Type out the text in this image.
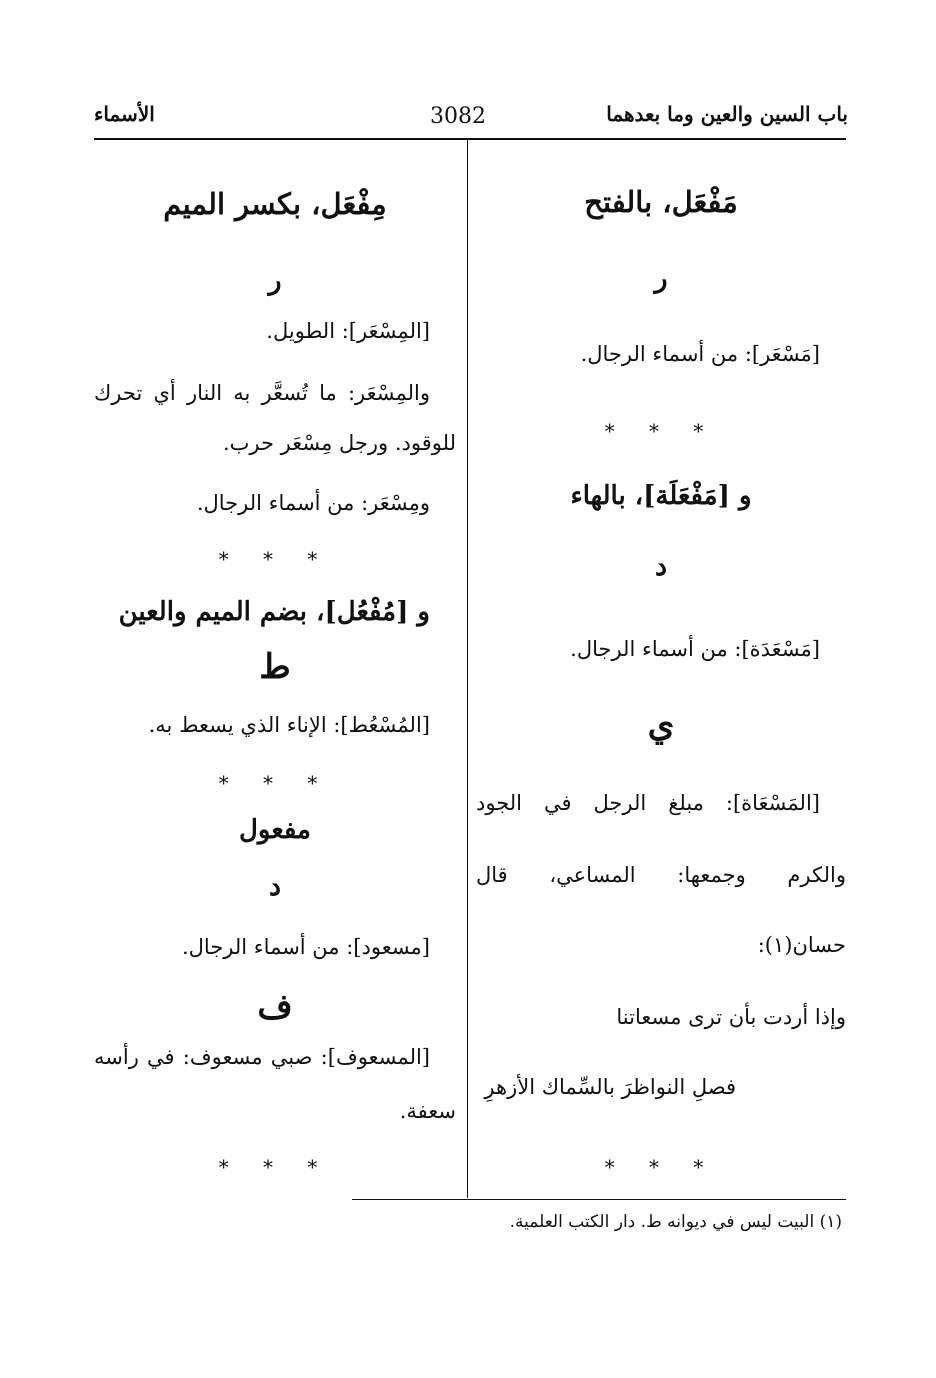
باب السين والعين وما بعدهما
3082
الأسماء
مَفْعَل، بالفتح
ر
[مَسْعَر]: من أسماء الرجال.
* * *
و [مَفْعَلَة]، بالهاء
د
[مَسْعَدَة]: من أسماء الرجال.
ي
[المَسْعَاة]: مبلغ الرجل في الجود
والكرم وجمعها: المساعي، قال
حسان(١):
وإذا أردت بأن ترى مسعاتنا
فصلِ النواظرَ بالسِّماك الأزهرِ
* * *
مِفْعَل، بكسر الميم
ر
[المِسْعَر]: الطويل.
والمِسْعَر: ما تُسعَّر به النار أي تحرك
للوقود. ورجل مِسْعَر حرب.
ومِسْعَر: من أسماء الرجال.
* * *
و [مُفْعُل]، بضم الميم والعين
ط
[المُسْعُط]: الإناء الذي يسعط به.
* * *
مفعول
د
[مسعود]: من أسماء الرجال.
ف
[المسعوف]: صبي مسعوف: في رأسه
سعفة.
* * *
(١) البيت ليس في ديوانه ط. دار الكتب العلمية.
